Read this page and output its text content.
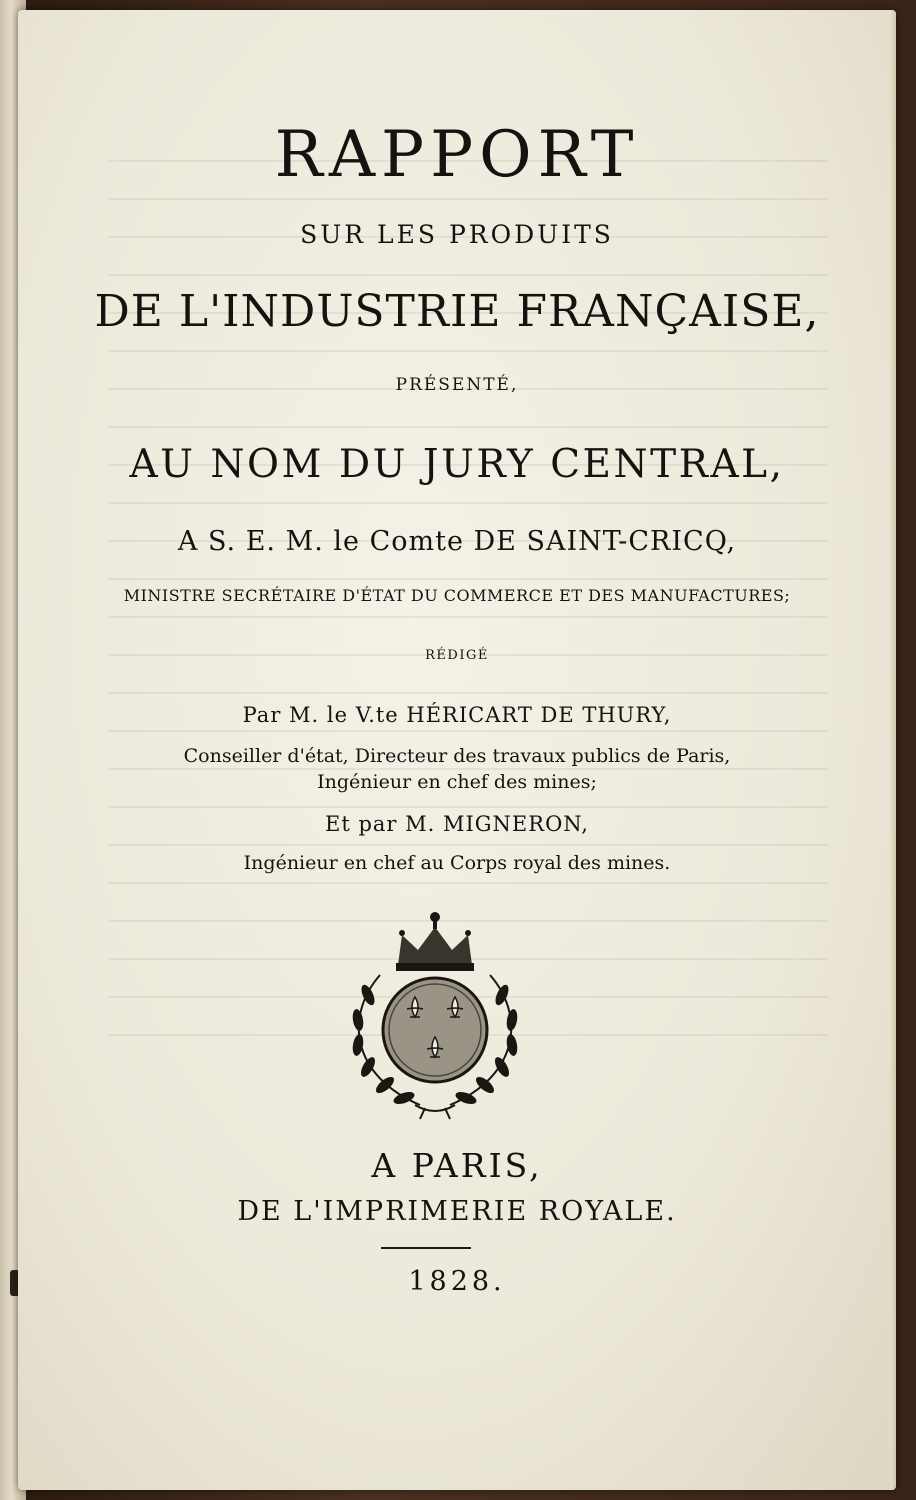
RAPPORT
SUR LES PRODUITS
DE L'INDUSTRIE FRANÇAISE,
PRÉSENTÉ,
AU NOM DU JURY CENTRAL,
A S. E. M. le Comte DE SAINT-CRICQ,
MINISTRE SECRÉTAIRE D'ÉTAT DU COMMERCE ET DES MANUFACTURES;
RÉDIGÉ
Par M. le V.te HÉRICART DE THURY,
Conseiller d'état, Directeur des travaux publics de Paris,
Ingénieur en chef des mines;
Et par M. MIGNERON,
Ingénieur en chef au Corps royal des mines.
A PARIS,
DE L'IMPRIMERIE ROYALE.
1828.
